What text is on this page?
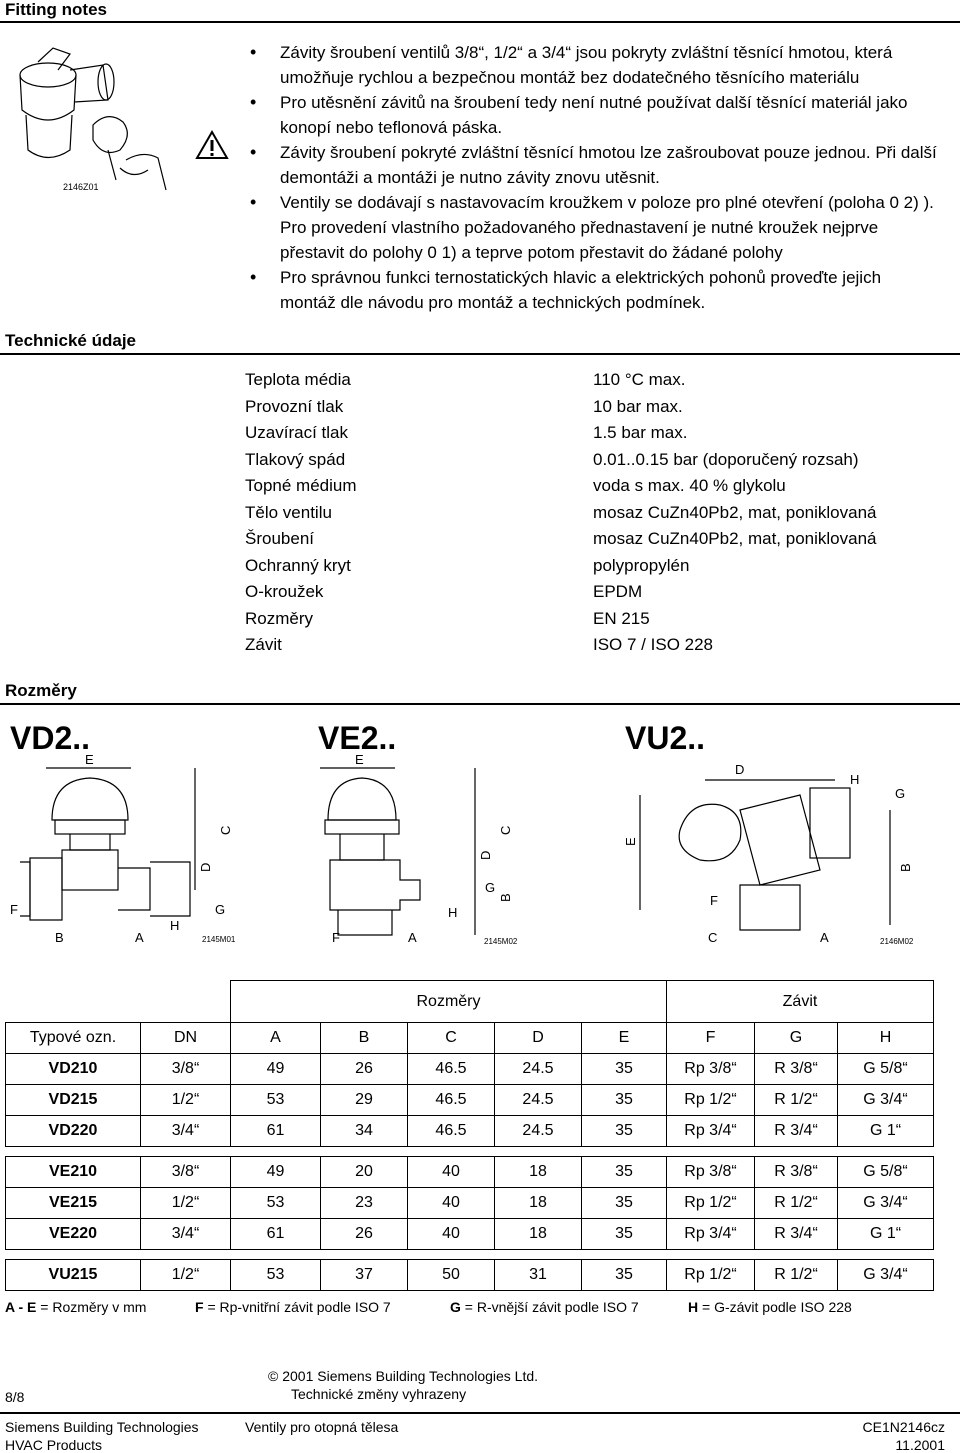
Fitting notes
2146Z01
• Závity šroubení ventilů 3/8“, 1/2“ a 3/4“ jsou pokryty zvláštní těsnící hmotou, která umožňuje rychlou a bezpečnou montáž bez dodatečného těsnícího materiálu
• Pro utěsnění závitů na šroubení tedy není nutné používat další těsnící materiál jako konopí nebo teflonová páska.
• Závity šroubení pokryté zvláštní těsnící hmotou lze zašroubovat pouze jednou. Při další demontáži a montáži je nutno závity znovu utěsnit.
• Ventily se dodávají s nastavovacím kroužkem v poloze pro plné otevření (poloha 0 2) ). Pro provedení vlastního požadovaného přednastavení je nutné kroužek nejprve přestavit do polohy 0 1) a teprve potom přestavit do žádané polohy
• Pro správnou funkci ternostatických hlavic a elektrických pohonů proveďte jejich montáž dle návodu pro montáž a technických podmínek.
Technické údaje
Teplota média	110 °C max.
Provozní tlak	10 bar max.
Uzavírací tlak	1.5 bar max.
Tlakový spád	0.01..0.15 bar (doporučený rozsah)
Topné médium	voda s max. 40 % glykolu
Tělo ventilu	mosaz CuZn40Pb2, mat, poniklovaná
Šroubení	mosaz CuZn40Pb2, mat, poniklovaná
Ochranný kryt	polypropylén
O-kroužek	EPDM
Rozměry	EN 215
Závit	ISO 7 / ISO 228
Rozměry
VD2..	VE2..	VU2..
E
C
D
F	G
H
B	A
E
C
D
G
B
H
F	A
D
H
G
E
B
F
C	A
2145M01	2145M02	2146M02
		Rozměry					Závit		
Typové ozn.	DN	A	B	C	D	E	F	G	H
VD210	3/8“	49	26	46.5	24.5	35	Rp 3/8“	R 3/8“	G 5/8“
VD215	1/2“	53	29	46.5	24.5	35	Rp 1/2“	R 1/2“	G 3/4“
VD220	3/4“	61	34	46.5	24.5	35	Rp 3/4“	R 3/4“	G 1“

VE210	3/8“	49	20	40	18	35	Rp 3/8“	R 3/8“	G 5/8“
VE215	1/2“	53	23	40	18	35	Rp 1/2“	R 1/2“	G 3/4“
VE220	3/4“	61	26	40	18	35	Rp 3/4“	R 3/4“	G 1“

VU215	1/2“	53	37	50	31	35	Rp 1/2“	R 1/2“	G 3/4“
A - E = Rozměry v mm	F = Rp-vnitřní závit podle ISO 7	G = R-vnější závit podle ISO 7	H = G-závit podle ISO 228
© 2001 Siemens Building Technologies Ltd.
Technické změny vyhrazeny
8/8
Siemens Building Technologies
HVAC Products
Ventily pro otopná tělesa	CE1N2146cz
11.2001
